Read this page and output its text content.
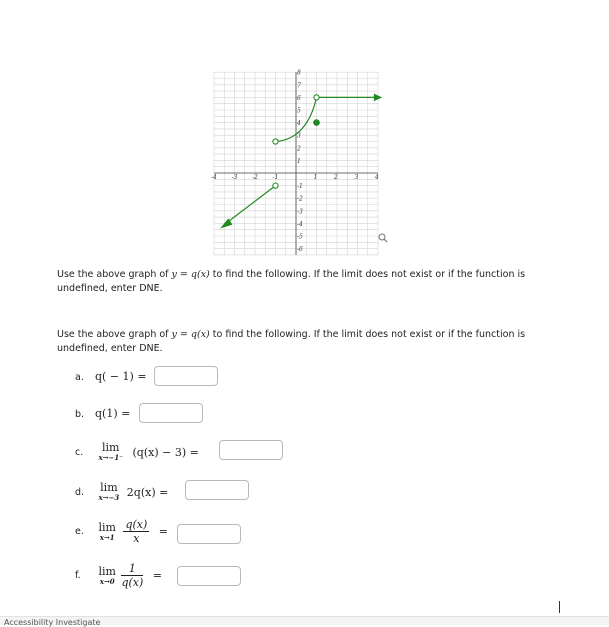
-4 -3 -2 -1	1	2	3	4
8
7
6
5
4
3
2
1
-1
-2
-3
-4
-5
-6
Use the above graph of y = q(x) to find the following. If the limit does not exist or if the function is undefined, enter DNE.
Use the above graph of y = q(x) to find the following. If the limit does not exist or if the function is undefined, enter DNE.
a. q( − 1) =
b. q(1) =
c.	lim
x→−1⁻ (q(x) − 3) =
d. lim
x→−3 2q(x) =
e. lim
x→1
$\frac{q(x)}{x}$ =
f. lim
x→0
$\frac{1}{q(x)}$ =
Accessibility Investigate
